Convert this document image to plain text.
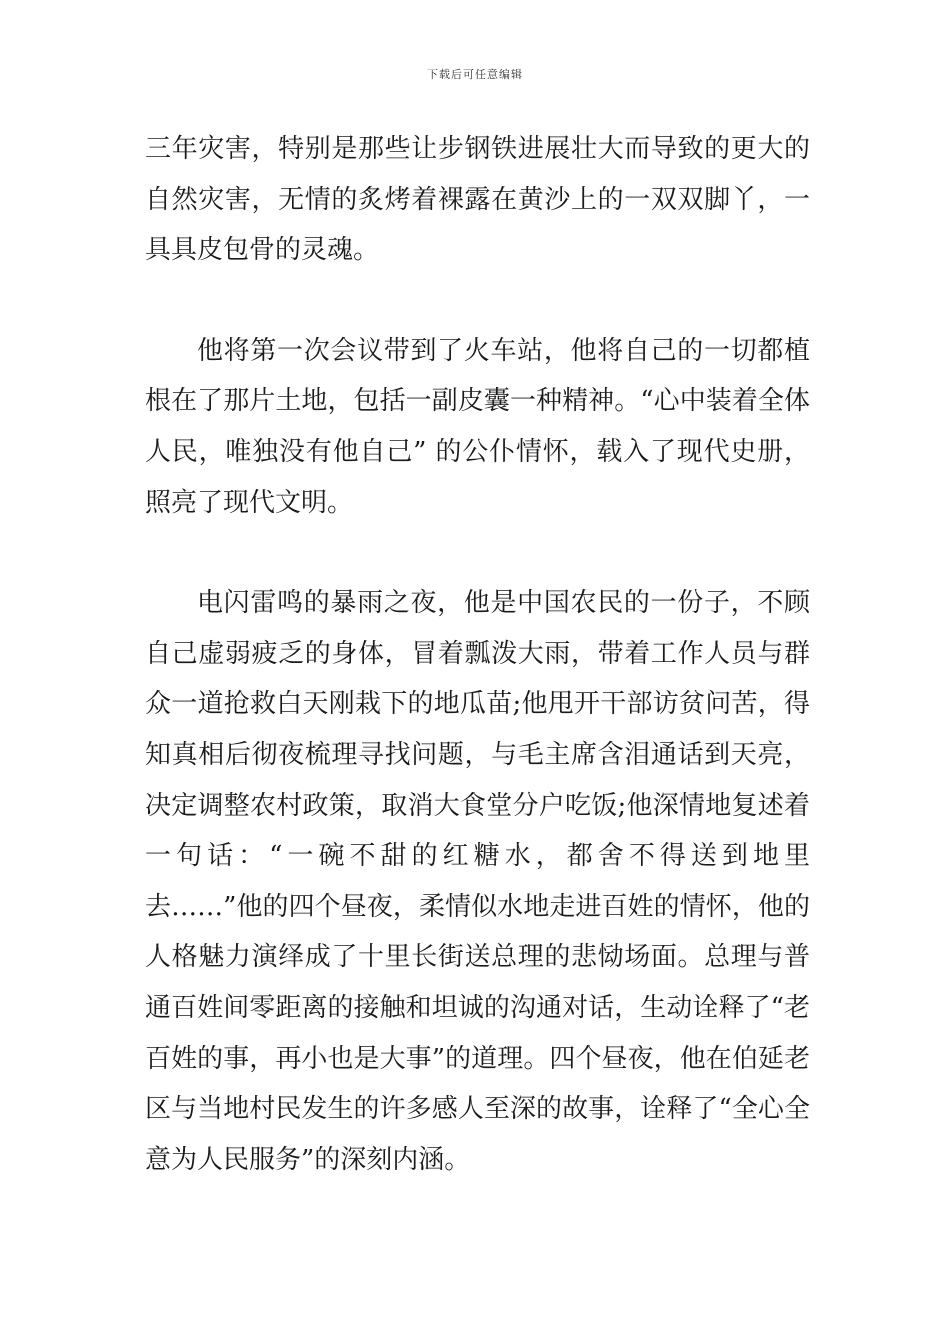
下载后可任意编辑

三年灾害，特别是那些让步钢铁进展壮大而导致的更大的自然灾害，无情的炙烤着裸露在黄沙上的一双双脚丫，一具具皮包骨的灵魂。

他将第一次会议带到了火车站，他将自己的一切都植根在了那片土地，包括一副皮囊一种精神。“心中装着全体人民，唯独没有他自己” 的公仆情怀，载入了现代史册，照亮了现代文明。

电闪雷鸣的暴雨之夜，他是中国农民的一份子，不顾自己虚弱疲乏的身体，冒着瓢泼大雨，带着工作人员与群众一道抢救白天刚栽下的地瓜苗;他甩开干部访贫问苦，得知真相后彻夜梳理寻找问题，与毛主席含泪通话到天亮，决定调整农村政策，取消大食堂分户吃饭;他深情地复述着一句话：“一碗不甜的红糖水，都舍不得送到地里去……”他的四个昼夜，柔情似水地走进百姓的情怀，他的人格魅力演绎成了十里长街送总理的悲恸场面。总理与普通百姓间零距离的接触和坦诚的沟通对话，生动诠释了“老百姓的事，再小也是大事”的道理。四个昼夜，他在伯延老区与当地村民发生的许多感人至深的故事，诠释了“全心全意为人民服务”的深刻内涵。
